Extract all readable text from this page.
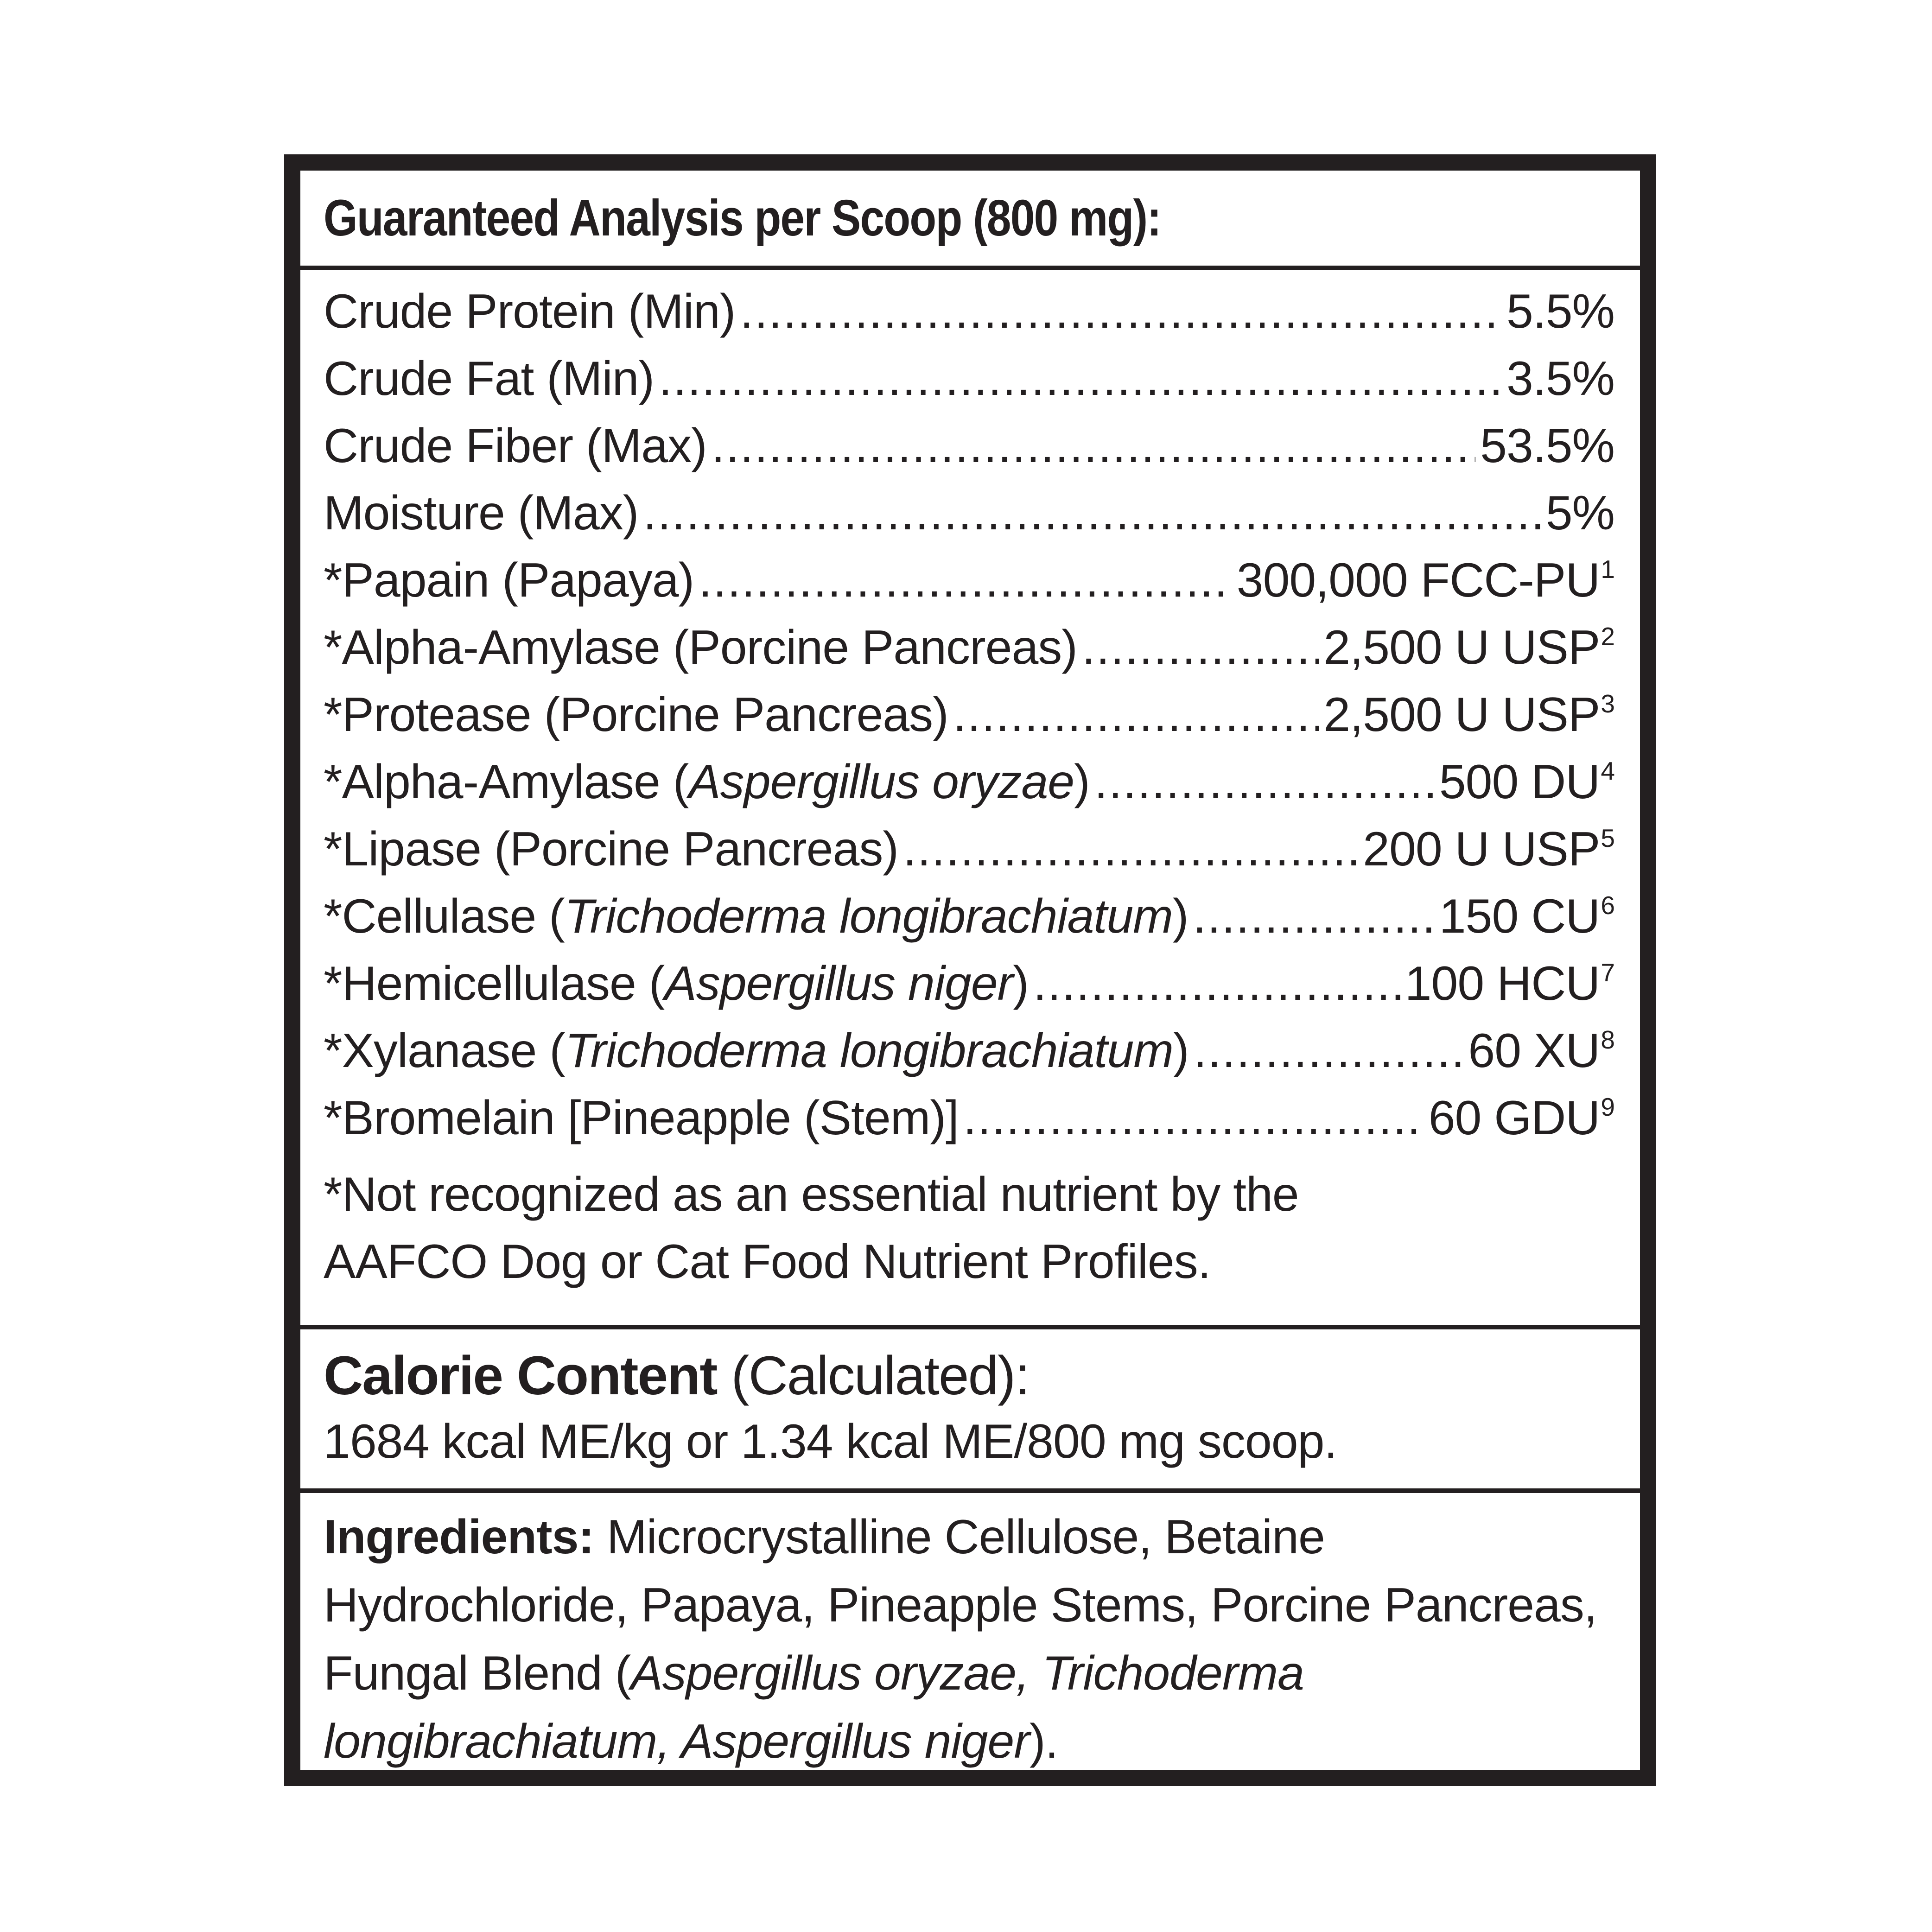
Guaranteed Analysis per Scoop (800 mg):
Crude Protein (Min) .....	5.5%
Crude Fat (Min) .....	3.5%
Crude Fiber (Max) .....	53.5%
Moisture (Max) .....	5%
*Papain (Papaya) .....	300,000 FCC-$PU^1$
*Alpha-Amylase (Porcine Pancreas) .....	2,500 U USP$^2$
*Protease (Porcine Pancreas) .....	2,500 U USP$^3$
*Alpha-Amylase (Aspergillus oryzae) .....	500 $DU^4$
*Lipase (Porcine Pancreas) .....	200 U USP$^5$
*Cellulase (Trichoderma longibrachiatum) .....	150 $CU^6$
*Hemicellulase (Aspergillus niger) .....	100 HCU$^7$
*Xylanase (Trichoderma longibrachiatum) .....	60 $XU^8$
*Bromelain [Pineapple (Stem)] .....	60 GDU$^9$
*Not recognized as an essential nutrient by the
AAFCO Dog or Cat Food Nutrient Profiles.
Calorie Content (Calculated):
1684 kcal ME/kg or 1.34 kcal ME/800 mg scoop.
Ingredients: Microcrystalline Cellulose, Betaine Hydrochloride, Papaya, Pineapple Stems, Porcine Pancreas, Fungal Blend (Aspergillus oryzae, Trichoderma longibrachiatum, Aspergillus niger).
